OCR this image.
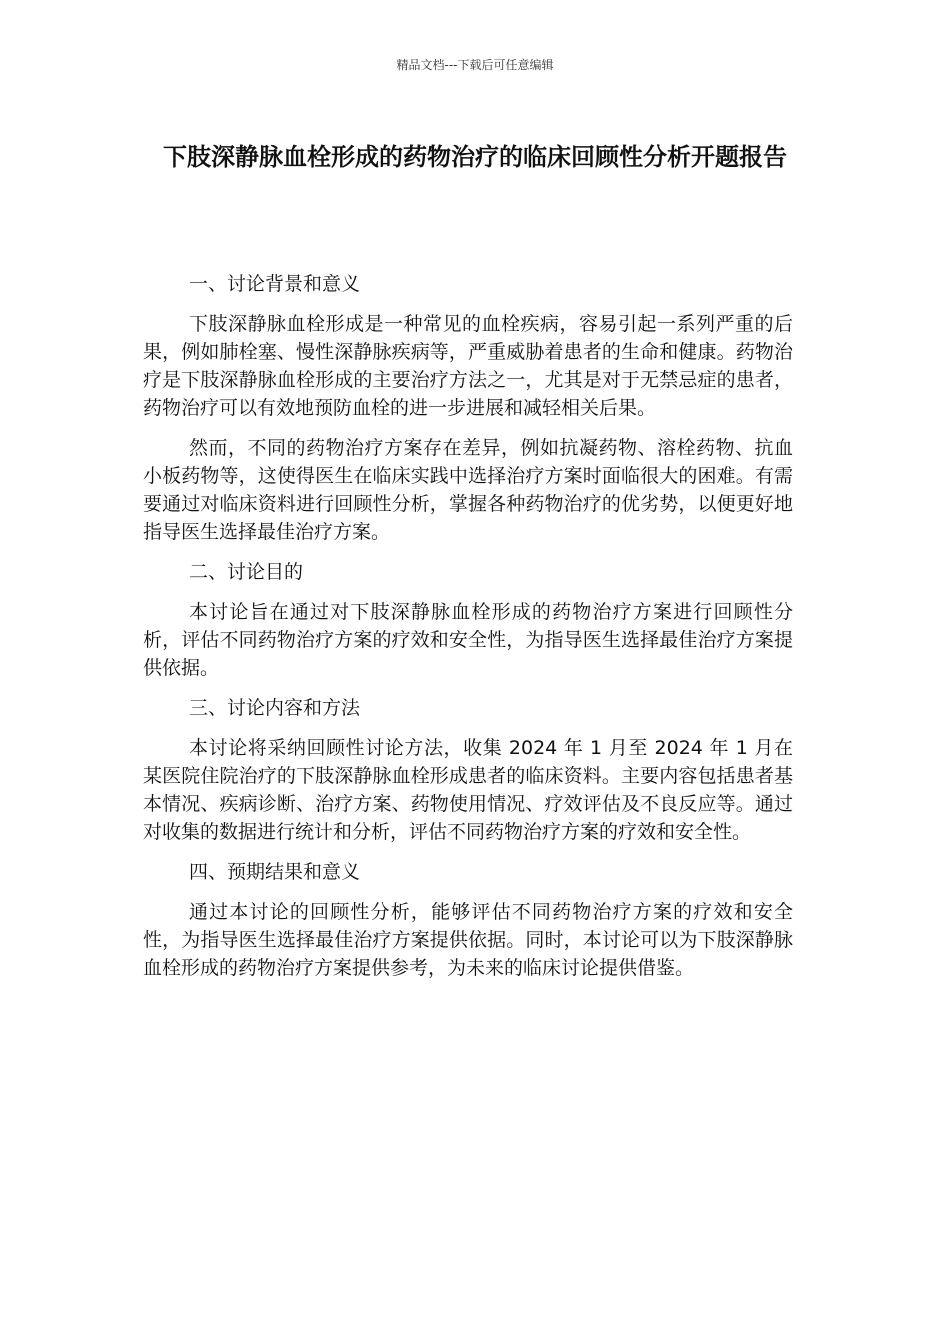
精品文档---下载后可任意编辑
下肢深静脉血栓形成的药物治疗的临床回顾性分析开题报告

一、讨论背景和意义

下肢深静脉血栓形成是一种常见的血栓疾病，容易引起一系列严重的后果，例如肺栓塞、慢性深静脉疾病等，严重威胁着患者的生命和健康。药物治疗是下肢深静脉血栓形成的主要治疗方法之一，尤其是对于无禁忌症的患者，药物治疗可以有效地预防血栓的进一步进展和减轻相关后果。

然而，不同的药物治疗方案存在差异，例如抗凝药物、溶栓药物、抗血小板药物等，这使得医生在临床实践中选择治疗方案时面临很大的困难。有需要通过对临床资料进行回顾性分析，掌握各种药物治疗的优劣势，以便更好地指导医生选择最佳治疗方案。

二、讨论目的

本讨论旨在通过对下肢深静脉血栓形成的药物治疗方案进行回顾性分析，评估不同药物治疗方案的疗效和安全性，为指导医生选择最佳治疗方案提供依据。

三、讨论内容和方法

本讨论将采纳回顾性讨论方法，收集 2024 年 1 月至 2024 年 1 月在某医院住院治疗的下肢深静脉血栓形成患者的临床资料。主要内容包括患者基本情况、疾病诊断、治疗方案、药物使用情况、疗效评估及不良反应等。通过对收集的数据进行统计和分析，评估不同药物治疗方案的疗效和安全性。

四、预期结果和意义

通过本讨论的回顾性分析，能够评估不同药物治疗方案的疗效和安全性，为指导医生选择最佳治疗方案提供依据。同时，本讨论可以为下肢深静脉血栓形成的药物治疗方案提供参考，为未来的临床讨论提供借鉴。
